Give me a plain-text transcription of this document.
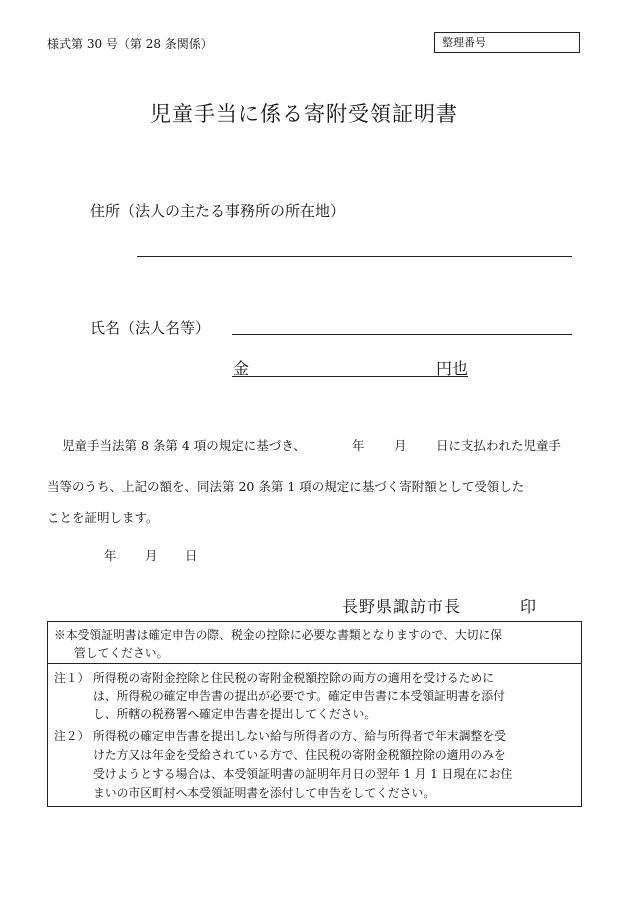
様式第 30 号（第 28 条関係）	整理番号
児童手当に係る寄附受領証明書
住所（法人の主たる事務所の所在地）
氏名（法人名等）
金	円也
児童手当法第 8 条第 4 項の規定に基づき、	年 月 日に支払われた児童手
当等のうち、上記の額を、同法第 20 条第 1 項の規定に基づく寄附額として受領した
ことを証明します。
年 月 日
長野県諏訪市長	印
※本受領証明書は確定申告の際、税金の控除に必要な書類となりますので、大切に保
管してください。
注１） 所得税の寄附金控除と住民税の寄附金税額控除の両方の適用を受けるために
は、所得税の確定申告書の提出が必要です。確定申告書に本受領証明書を添付
し、所轄の税務署へ確定申告書を提出してください。
注２） 所得税の確定申告書を提出しない給与所得者の方、給与所得者で年末調整を受
けた方又は年金を受給されている方で、住民税の寄附金税額控除の適用のみを
受けようとする場合は、本受領証明書の証明年月日の翌年 1 月 1 日現在にお住
まいの市区町村へ本受領証明書を添付して申告をしてください。
